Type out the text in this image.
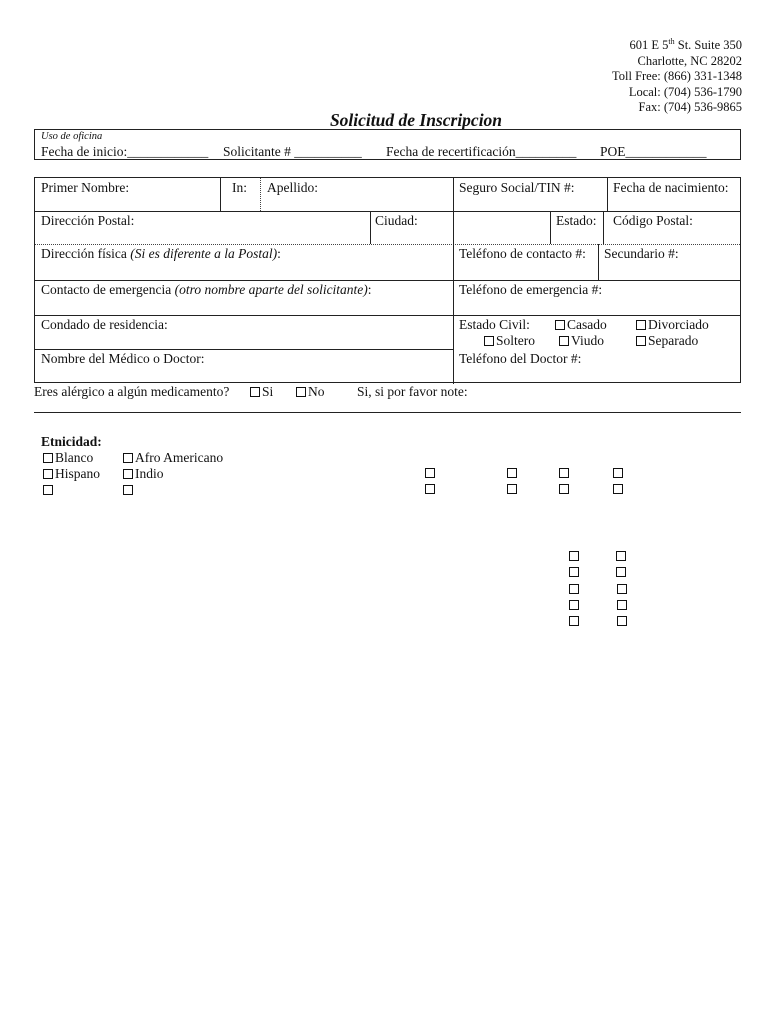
601 E 5th St. Suite 350
Charlotte, NC 28202
Toll Free: (866) 331-1348
Local: (704) 536-1790
Fax: (704) 536-9865
Solicitud de Inscripcion
Uso de oficina
Fecha de inicio:____________ Solicitante # __________ Fecha de recertificación_________ POE____________
Primer Nombre:	In: Apellido:	Seguro Social/TIN #:	Fecha de nacimiento:
Dirección Postal:	Ciudad:	Estado: Código Postal:
Dirección física (Si es diferente a la Postal):	Teléfono de contacto #: Secundario #:
Contacto de emergencia (otro nombre aparte del solicitante):	Teléfono de emergencia #:
Condado de residencia:	Estado Civil:	Casado	Divorciado
Soltero	Viudo	Separado
Nombre del Médico o Doctor:	Teléfono del Doctor #:
Eres alérgico a algún medicamento?	Si	No Si, si por favor note:
Etnicidad:
Blanco	Afro Americano
Hispano	Indio
